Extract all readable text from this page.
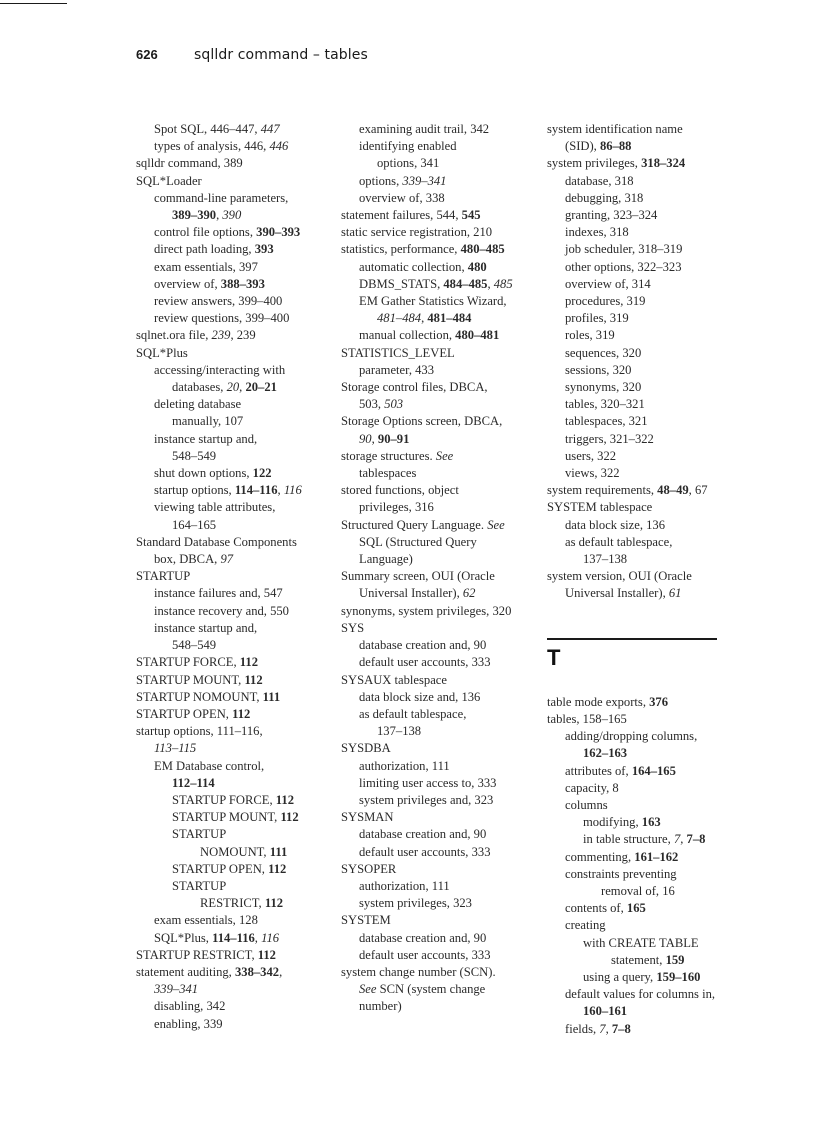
626	sqlldr command – tables
Spot SQL, 446–447, 447
types of analysis, 446, 446
sqlldr command, 389
SQL*Loader
command-line parameters,
389–390, 390
control file options, 390–393
direct path loading, 393
exam essentials, 397
overview of, 388–393
review answers, 399–400
review questions, 399–400
sqlnet.ora file, 239, 239
SQL*Plus
accessing/interacting with
databases, 20, 20–21
deleting database
manually, 107
instance startup and,
548–549
shut down options, 122
startup options, 114–116, 116
viewing table attributes,
164–165
Standard Database Components
box, DBCA, 97
STARTUP
instance failures and, 547
instance recovery and, 550
instance startup and,
548–549
STARTUP FORCE, 112
STARTUP MOUNT, 112
STARTUP NOMOUNT, 111
STARTUP OPEN, 112
startup options, 111–116,
113–115
EM Database control,
112–114
STARTUP FORCE, 112
STARTUP MOUNT, 112
STARTUP
NOMOUNT, 111
STARTUP OPEN, 112
STARTUP
RESTRICT, 112
exam essentials, 128
SQL*Plus, 114–116, 116
STARTUP RESTRICT, 112
statement auditing, 338–342,
339–341
disabling, 342
enabling, 339
examining audit trail, 342
identifying enabled
options, 341
options, 339–341
overview of, 338
statement failures, 544, 545
static service registration, 210
statistics, performance, 480–485
automatic collection, 480
DBMS_STATS, 484–485, 485
EM Gather Statistics Wizard,
481–484, 481–484
manual collection, 480–481
STATISTICS_LEVEL
parameter, 433
Storage control files, DBCA,
503, 503
Storage Options screen, DBCA,
90, 90–91
storage structures. See
tablespaces
stored functions, object
privileges, 316
Structured Query Language. See
SQL (Structured Query
Language)
Summary screen, OUI (Oracle
Universal Installer), 62
synonyms, system privileges, 320
SYS
database creation and, 90
default user accounts, 333
SYSAUX tablespace
data block size and, 136
as default tablespace,
137–138
SYSDBA
authorization, 111
limiting user access to, 333
system privileges and, 323
SYSMAN
database creation and, 90
default user accounts, 333
SYSOPER
authorization, 111
system privileges, 323
SYSTEM
database creation and, 90
default user accounts, 333
system change number (SCN).
See SCN (system change
number)
system identification name
(SID), 86–88
system privileges, 318–324
database, 318
debugging, 318
granting, 323–324
indexes, 318
job scheduler, 318–319
other options, 322–323
overview of, 314
procedures, 319
profiles, 319
roles, 319
sequences, 320
sessions, 320
synonyms, 320
tables, 320–321
tablespaces, 321
triggers, 321–322
users, 322
views, 322
system requirements, 48–49, 67
SYSTEM tablespace
data block size, 136
as default tablespace,
137–138
system version, OUI (Oracle
Universal Installer), 61
T
table mode exports, 376
tables, 158–165
adding/dropping columns,
162–163
attributes of, 164–165
capacity, 8
columns
modifying, 163
in table structure, 7, 7–8
commenting, 161–162
constraints preventing
removal of, 16
contents of, 165
creating
with CREATE TABLE
statement, 159
using a query, 159–160
default values for columns in,
160–161
fields, 7, 7–8
